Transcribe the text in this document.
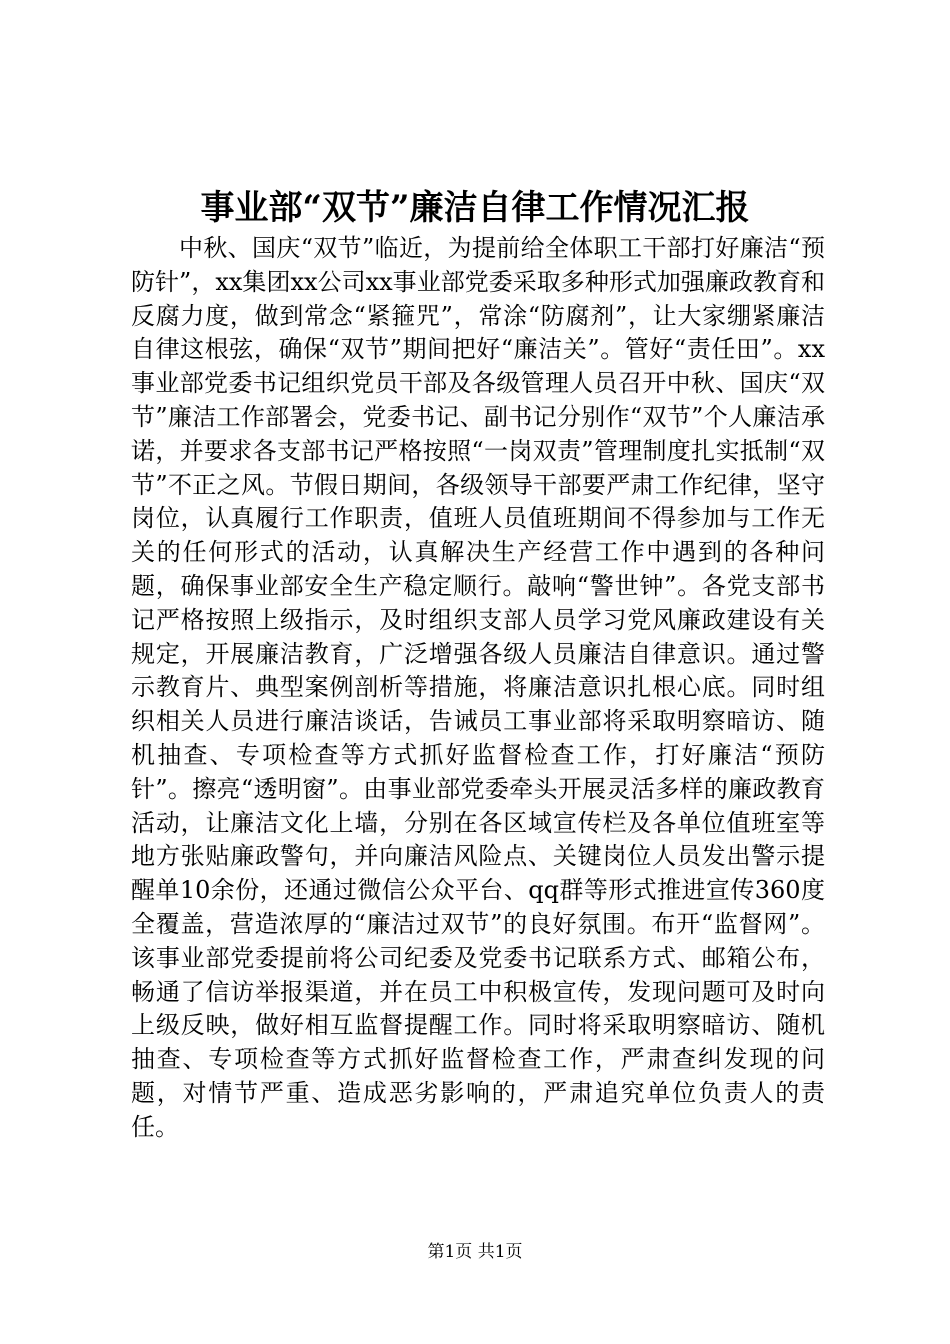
事业部“双节”廉洁自律工作情况汇报

中秋、国庆“双节”临近，为提前给全体职工干部打好廉洁“预防针”，xx集团xx公司xx事业部党委采取多种形式加强廉政教育和反腐力度，做到常念“紧箍咒”，常涂“防腐剂”，让大家绷紧廉洁自律这根弦，确保“双节”期间把好“廉洁关”。管好“责任田”。xx事业部党委书记组织党员干部及各级管理人员召开中秋、国庆“双节”廉洁工作部署会，党委书记、副书记分别作“双节”个人廉洁承诺，并要求各支部书记严格按照“一岗双责”管理制度扎实抵制“双节”不正之风。节假日期间，各级领导干部要严肃工作纪律，坚守岗位，认真履行工作职责，值班人员值班期间不得参加与工作无关的任何形式的活动，认真解决生产经营工作中遇到的各种问题，确保事业部安全生产稳定顺行。敲响“警世钟”。各党支部书记严格按照上级指示，及时组织支部人员学习党风廉政建设有关规定，开展廉洁教育，广泛增强各级人员廉洁自律意识。通过警示教育片、典型案例剖析等措施，将廉洁意识扎根心底。同时组织相关人员进行廉洁谈话，告诫员工事业部将采取明察暗访、随机抽查、专项检查等方式抓好监督检查工作，打好廉洁“预防针”。擦亮“透明窗”。由事业部党委牵头开展灵活多样的廉政教育活动，让廉洁文化上墙，分别在各区域宣传栏及各单位值班室等地方张贴廉政警句，并向廉洁风险点、关键岗位人员发出警示提醒单10余份，还通过微信公众平台、qq群等形式推进宣传360度全覆盖，营造浓厚的“廉洁过双节”的良好氛围。布开“监督网”。该事业部党委提前将公司纪委及党委书记联系方式、邮箱公布，畅通了信访举报渠道，并在员工中积极宣传，发现问题可及时向上级反映，做好相互监督提醒工作。同时将采取明察暗访、随机抽查、专项检查等方式抓好监督检查工作，严肃查纠发现的问题，对情节严重、造成恶劣影响的，严肃追究单位负责人的责任。

第1页 共1页
